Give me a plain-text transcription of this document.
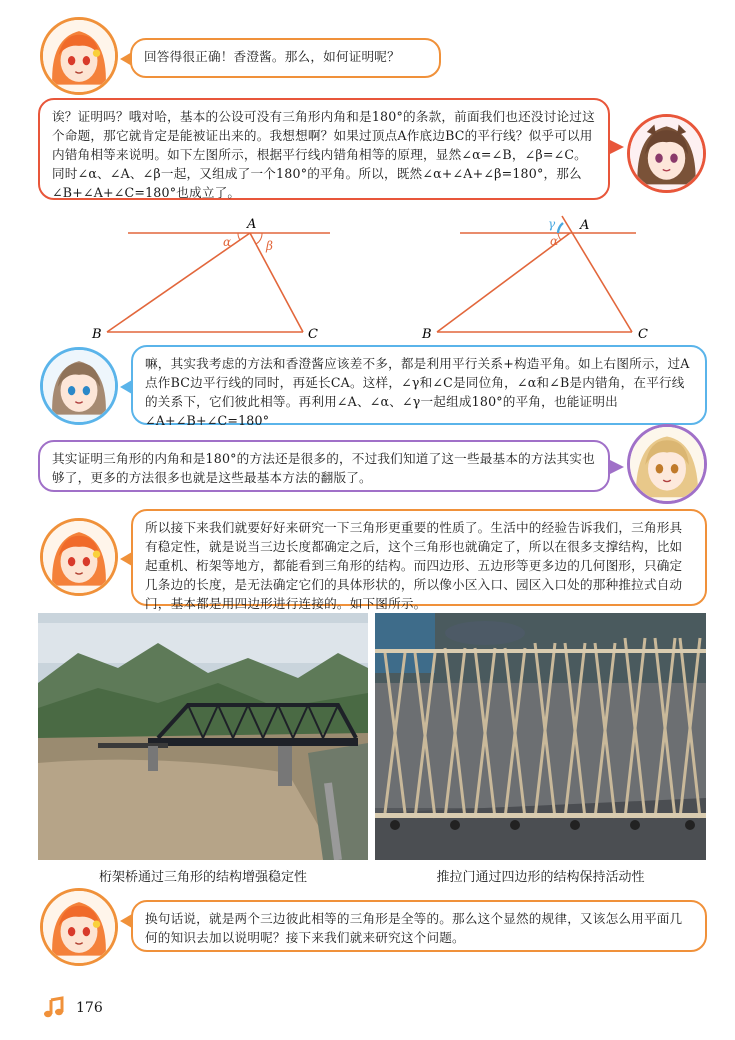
回答得很正确！香澄酱。那么，如何证明呢？
诶？证明吗？哦对哈，基本的公设可没有三角形内角和是180°的条款，前面我们也还没讨论过这个命题，那它就肯定是能被证出来的。我想想啊？如果过顶点A作底边BC的平行线？似乎可以用内错角相等来说明。如下左图所示，根据平行线内错角相等的原理，显然∠α=∠B，∠β=∠C。同时∠α、∠A、∠β一起，又组成了一个180°的平角。所以，既然∠α+∠A+∠β=180°，那么∠B+∠A+∠C=180°也成立了。
A
α	β
B	C
γ A
α
B	C
嘛，其实我考虑的方法和香澄酱应该差不多，都是利用平行关系+构造平角。如上右图所示，过A点作BC边平行线的同时，再延长CA。这样，∠γ和∠C是同位角，∠α和∠B是内错角，在平行线的关系下，它们彼此相等。再利用∠A、∠α、∠γ一起组成180°的平角，也能证明出∠A+∠B+∠C=180°
其实证明三角形的内角和是180°的方法还是很多的，不过我们知道了这一些最基本的方法其实也够了，更多的方法很多也就是这些最基本方法的翻版了。
所以接下来我们就要好好来研究一下三角形更重要的性质了。生活中的经验告诉我们，三角形具有稳定性，就是说当三边长度都确定之后，这个三角形也就确定了，所以在很多支撑结构，比如起重机、桁架等地方，都能看到三角形的结构。而四边形、五边形等更多边的几何图形，只确定几条边的长度，是无法确定它们的具体形状的，所以像小区入口、园区入口处的那种推拉式自动门，基本都是用四边形进行连接的。如下图所示。
桁架桥通过三角形的结构增强稳定性	推拉门通过四边形的结构保持活动性
换句话说，就是两个三边彼此相等的三角形是全等的。那么这个显然的规律，又该怎么用平面几何的知识去加以说明呢？接下来我们就来研究这个问题。
176
